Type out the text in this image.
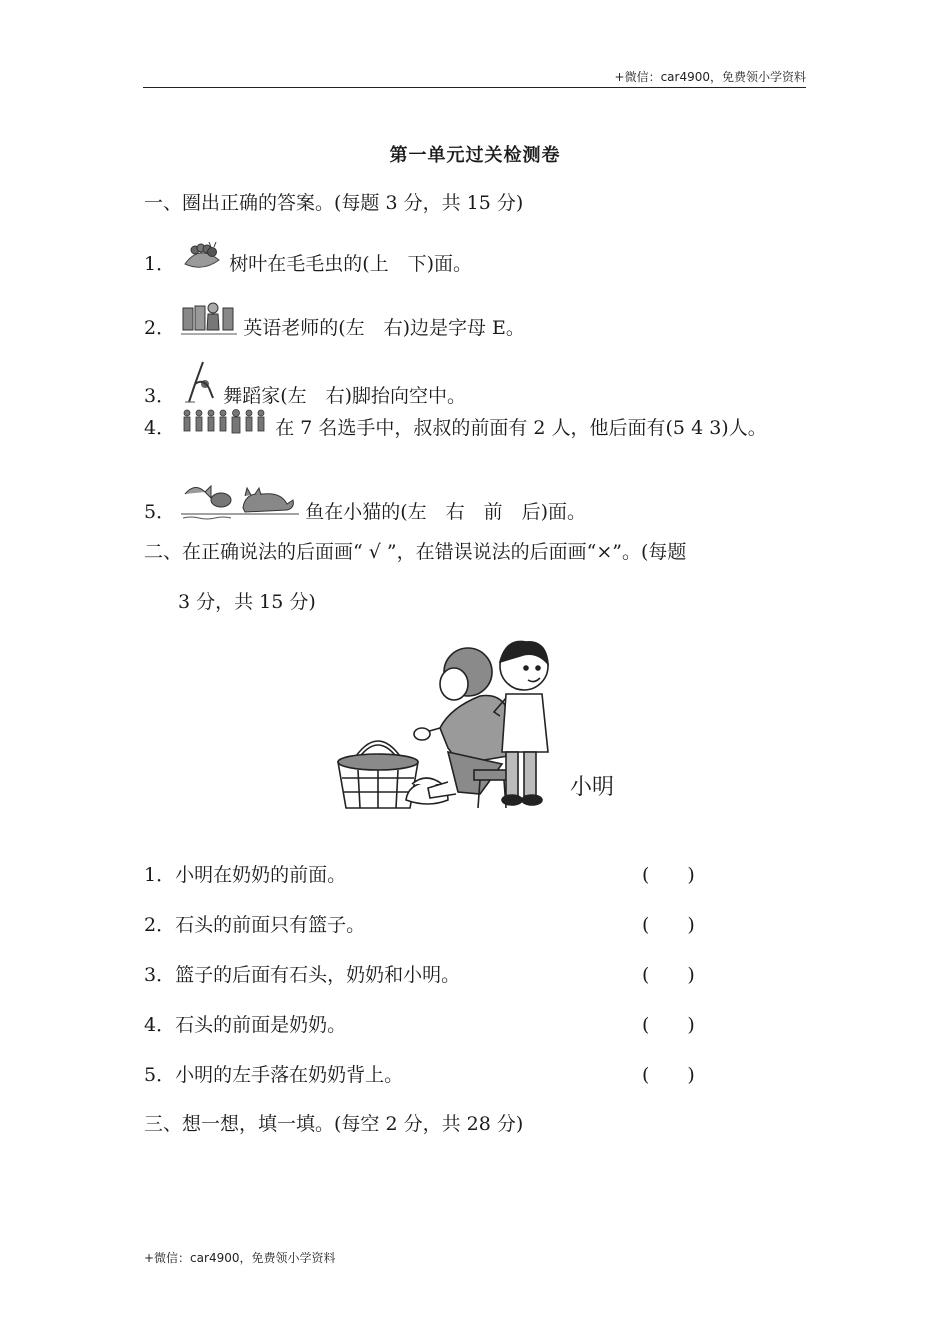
+微信：car4900，免费领小学资料
第一单元过关检测卷
一、圈出正确的答案。(每题 3 分，共 15 分)
1．	树叶在毛毛虫的(上　下)面。
2．	英语老师的(左　右)边是字母 E。
3．	舞蹈家(左　右)脚抬向空中。
4．	在 7 名选手中，叔叔的前面有 2 人，他后面有(5 4 3)人。
5．	鱼在小猫的(左　右　前　后)面。
二、在正确说法的后面画“ √ ”，在错误说法的后面画“×”。(每题
3 分，共 15 分)
小明
1．小明在奶奶的前面。	(　　)
2．石头的前面只有篮子。	(　　)
3．篮子的后面有石头，奶奶和小明。	(　　)
4．石头的前面是奶奶。	(　　)
5．小明的左手落在奶奶背上。	(　　)
三、想一想，填一填。(每空 2 分，共 28 分)
+微信：car4900，免费领小学资料
